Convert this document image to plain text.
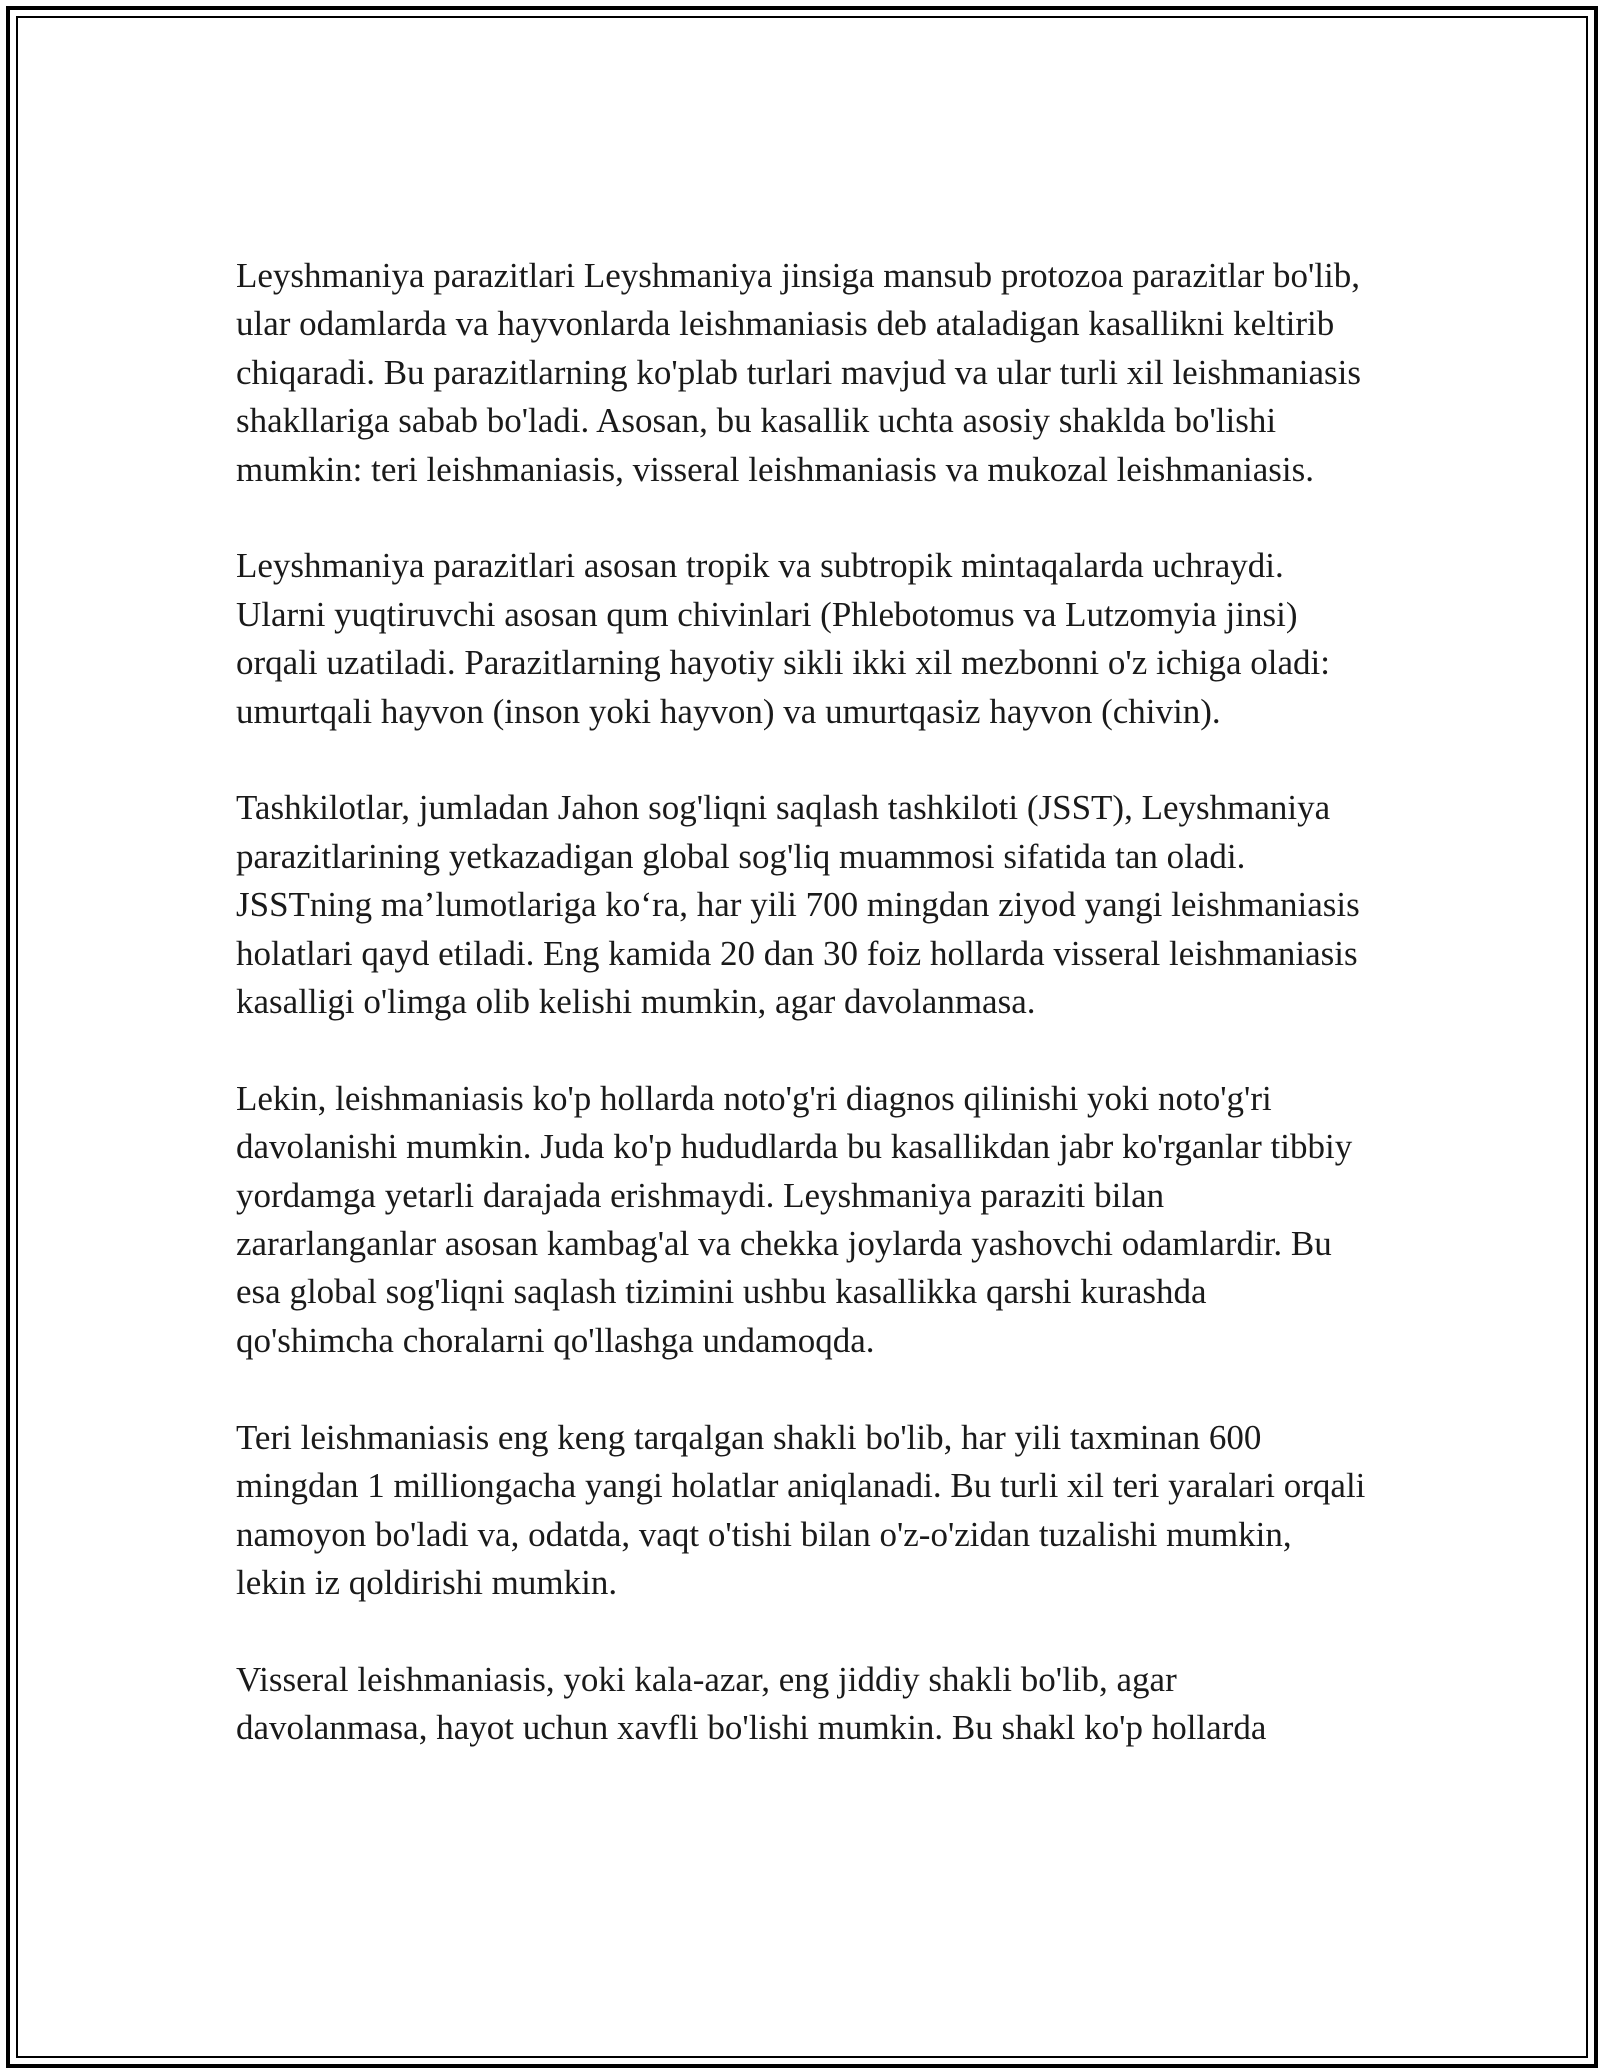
Leyshmaniya parazitlari Leyshmaniya jinsiga mansub protozoa parazitlar bo'lib, ular odamlarda va hayvonlarda leishmaniasis deb ataladigan kasallikni keltirib chiqaradi. Bu parazitlarning ko'plab turlari mavjud va ular turli xil leishmaniasis shakllariga sabab bo'ladi. Asosan, bu kasallik uchta asosiy shaklda bo'lishi mumkin: teri leishmaniasis, visseral leishmaniasis va mukozal leishmaniasis.

Leyshmaniya parazitlari asosan tropik va subtropik mintaqalarda uchraydi. Ularni yuqtiruvchi asosan qum chivinlari (Phlebotomus va Lutzomyia jinsi) orqali uzatiladi. Parazitlarning hayotiy sikli ikki xil mezbonni o'z ichiga oladi: umurtqali hayvon (inson yoki hayvon) va umurtqasiz hayvon (chivin).

Tashkilotlar, jumladan Jahon sog'liqni saqlash tashkiloti (JSST), Leyshmaniya parazitlarining yetkazadigan global sog'liq muammosi sifatida tan oladi. JSSTning ma’lumotlariga ko‘ra, har yili 700 mingdan ziyod yangi leishmaniasis holatlari qayd etiladi. Eng kamida 20 dan 30 foiz hollarda visseral leishmaniasis kasalligi o'limga olib kelishi mumkin, agar davolanmasa.

Lekin, leishmaniasis ko'p hollarda noto'g'ri diagnos qilinishi yoki noto'g'ri davolanishi mumkin. Juda ko'p hududlarda bu kasallikdan jabr ko'rganlar tibbiy yordamga yetarli darajada erishmaydi. Leyshmaniya paraziti bilan zararlanganlar asosan kambag'al va chekka joylarda yashovchi odamlardir. Bu esa global sog'liqni saqlash tizimini ushbu kasallikka qarshi kurashda qo'shimcha choralarni qo'llashga undamoqda.

Teri leishmaniasis eng keng tarqalgan shakli bo'lib, har yili taxminan 600 mingdan 1 milliongacha yangi holatlar aniqlanadi. Bu turli xil teri yaralari orqali namoyon bo'ladi va, odatda, vaqt o'tishi bilan o'z-o'zidan tuzalishi mumkin, lekin iz qoldirishi mumkin.

Visseral leishmaniasis, yoki kala-azar, eng jiddiy shakli bo'lib, agar davolanmasa, hayot uchun xavfli bo'lishi mumkin. Bu shakl ko'p hollarda
